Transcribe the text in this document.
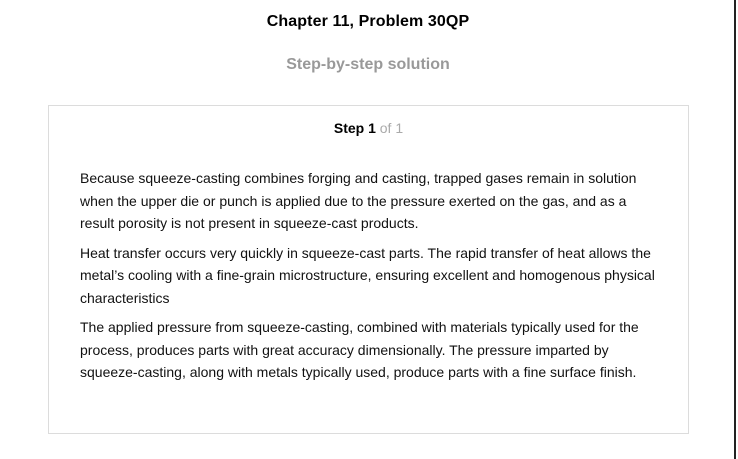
Chapter 11, Problem 30QP
Step-by-step solution
Step 1 of 1

Because squeeze-casting combines forging and casting, trapped gases remain in solution when the upper die or punch is applied due to the pressure exerted on the gas, and as a result porosity is not present in squeeze-cast products.

Heat transfer occurs very quickly in squeeze-cast parts. The rapid transfer of heat allows the metal’s cooling with a fine-grain microstructure, ensuring excellent and homogenous physical characteristics

The applied pressure from squeeze-casting, combined with materials typically used for the process, produces parts with great accuracy dimensionally. The pressure imparted by squeeze-casting, along with metals typically used, produce parts with a fine surface finish.
